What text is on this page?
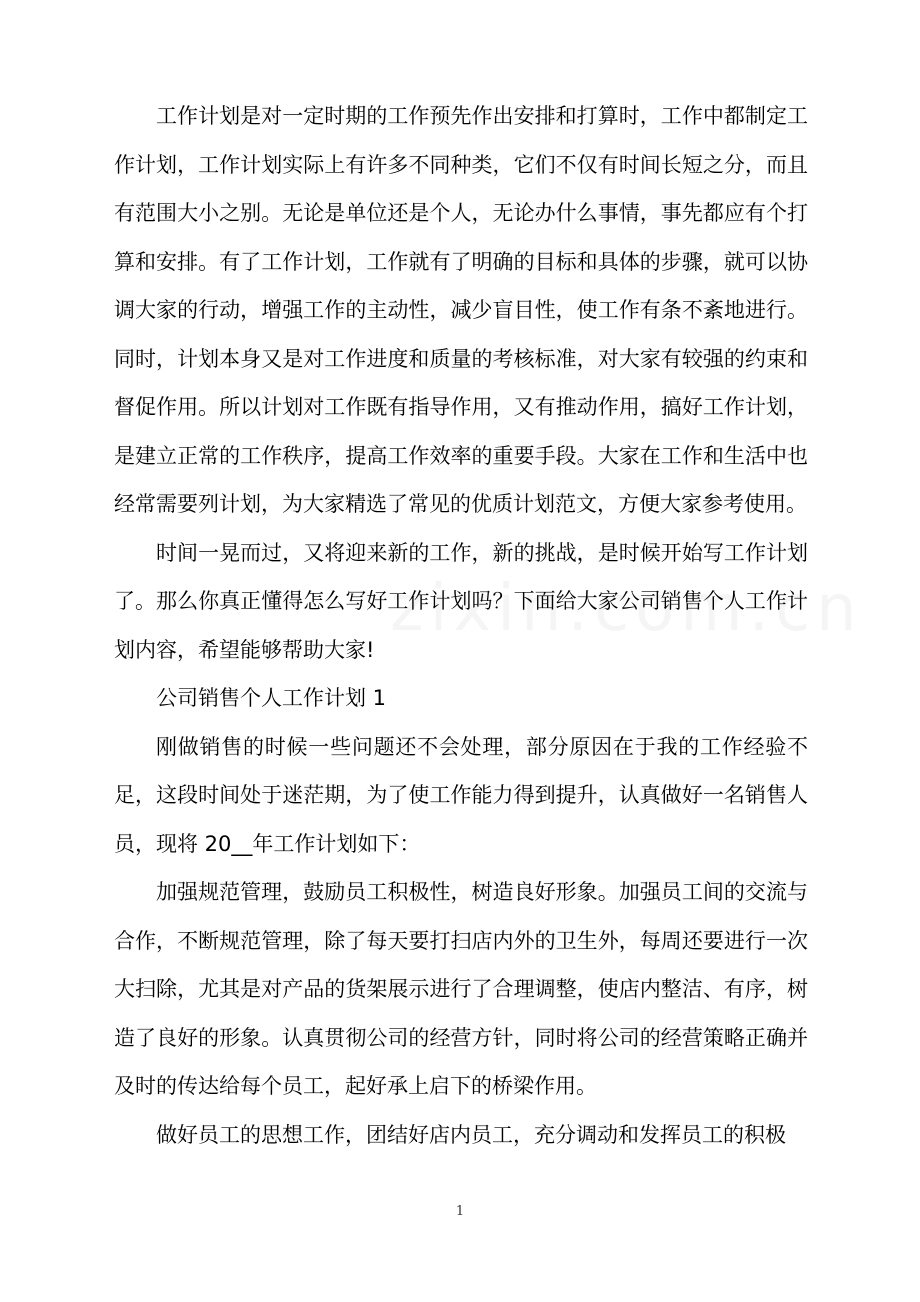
工作计划是对一定时期的工作预先作出安排和打算时，工作中都制定工作计划，工作计划实际上有许多不同种类，它们不仅有时间长短之分，而且有范围大小之别。无论是单位还是个人，无论办什么事情，事先都应有个打算和安排。有了工作计划，工作就有了明确的目标和具体的步骤，就可以协调大家的行动，增强工作的主动性，减少盲目性，使工作有条不紊地进行。同时，计划本身又是对工作进度和质量的考核标准，对大家有较强的约束和督促作用。所以计划对工作既有指导作用，又有推动作用，搞好工作计划，是建立正常的工作秩序，提高工作效率的重要手段。大家在工作和生活中也经常需要列计划，为大家精选了常见的优质计划范文，方便大家参考使用。

时间一晃而过，又将迎来新的工作，新的挑战，是时候开始写工作计划了。那么你真正懂得怎么写好工作计划吗？下面给大家公司销售个人工作计划内容，希望能够帮助大家!

公司销售个人工作计划 1

刚做销售的时候一些问题还不会处理，部分原因在于我的工作经验不足，这段时间处于迷茫期，为了使工作能力得到提升，认真做好一名销售人员，现将 20__年工作计划如下：

加强规范管理，鼓励员工积极性，树造良好形象。加强员工间的交流与合作，不断规范管理，除了每天要打扫店内外的卫生外，每周还要进行一次大扫除，尤其是对产品的货架展示进行了合理调整，使店内整洁、有序，树造了良好的形象。认真贯彻公司的经营方针，同时将公司的经营策略正确并及时的传达给每个员工，起好承上启下的桥梁作用。

做好员工的思想工作，团结好店内员工，充分调动和发挥员工的积极

1
